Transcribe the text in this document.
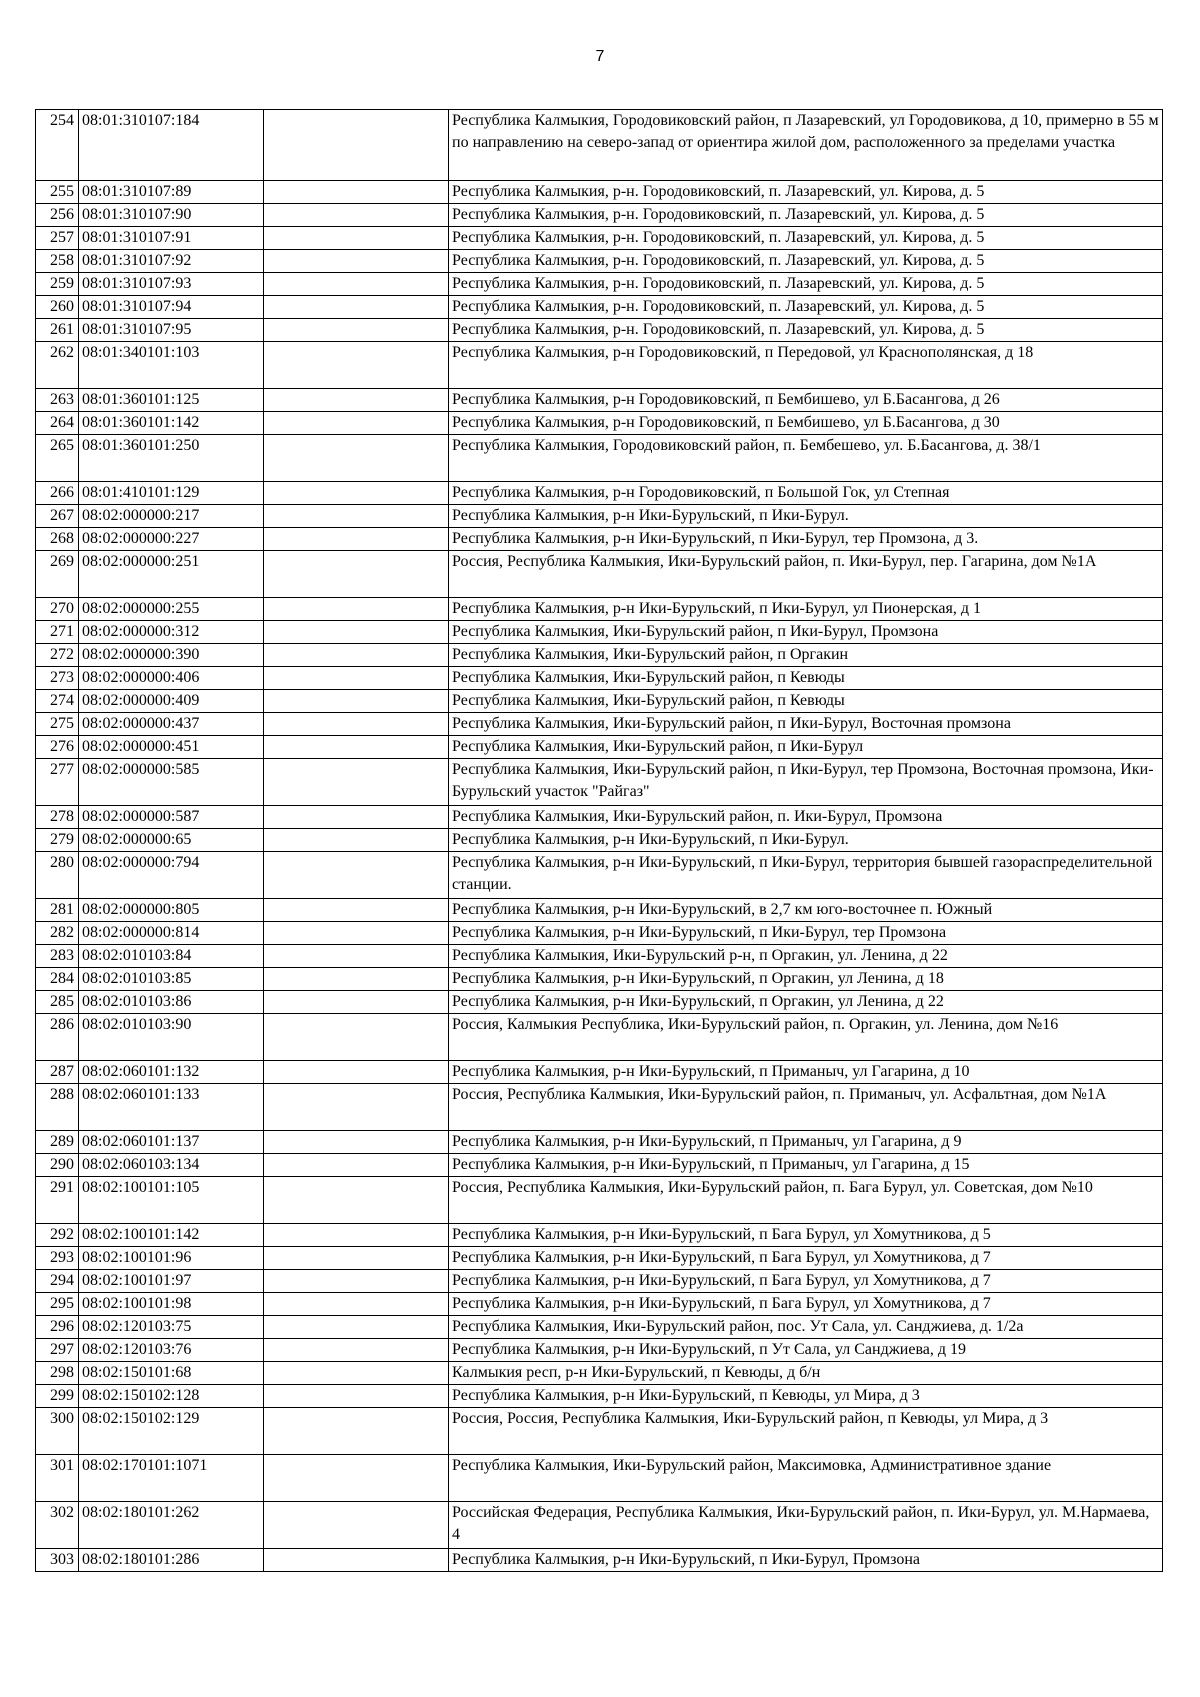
7
254	08:01:310107:184		Республика Калмыкия, Городовиковский район, п Лазаревский, ул Городовикова, д 10, примерно в 55 м по направлению на северо-запад от ориентира жилой дом, расположенного за пределами участка
255	08:01:310107:89		Республика Калмыкия, р-н. Городовиковский, п. Лазаревский, ул. Кирова, д. 5
256	08:01:310107:90		Республика Калмыкия, р-н. Городовиковский, п. Лазаревский, ул. Кирова, д. 5
257	08:01:310107:91		Республика Калмыкия, р-н. Городовиковский, п. Лазаревский, ул. Кирова, д. 5
258	08:01:310107:92		Республика Калмыкия, р-н. Городовиковский, п. Лазаревский, ул. Кирова, д. 5
259	08:01:310107:93		Республика Калмыкия, р-н. Городовиковский, п. Лазаревский, ул. Кирова, д. 5
260	08:01:310107:94		Республика Калмыкия, р-н. Городовиковский, п. Лазаревский, ул. Кирова, д. 5
261	08:01:310107:95		Республика Калмыкия, р-н. Городовиковский, п. Лазаревский, ул. Кирова, д. 5
262	08:01:340101:103		Республика Калмыкия, р-н Городовиковский, п Передовой, ул Краснополянская, д 18
263	08:01:360101:125		Республика Калмыкия, р-н Городовиковский, п Бембишево, ул Б.Басангова, д 26
264	08:01:360101:142		Республика Калмыкия, р-н Городовиковский, п Бембишево, ул Б.Басангова, д 30
265	08:01:360101:250		Республика Калмыкия, Городовиковский район, п. Бембешево, ул. Б.Басангова, д. 38/1
266	08:01:410101:129		Республика Калмыкия, р-н Городовиковский, п Большой Гок, ул Степная
267	08:02:000000:217		Республика Калмыкия, р-н Ики-Бурульский, п Ики-Бурул.
268	08:02:000000:227		Республика Калмыкия, р-н Ики-Бурульский, п Ики-Бурул, тер Промзона, д 3.
269	08:02:000000:251		Россия, Республика Калмыкия, Ики-Бурульский район, п. Ики-Бурул, пер. Гагарина, дом №1А
270	08:02:000000:255		Республика Калмыкия, р-н Ики-Бурульский, п Ики-Бурул, ул Пионерская, д 1
271	08:02:000000:312		Республика Калмыкия, Ики-Бурульский район, п Ики-Бурул, Промзона
272	08:02:000000:390		Республика Калмыкия, Ики-Бурульский район, п Оргакин
273	08:02:000000:406		Республика Калмыкия, Ики-Бурульский район, п Кевюды
274	08:02:000000:409		Республика Калмыкия, Ики-Бурульский район, п Кевюды
275	08:02:000000:437		Республика Калмыкия, Ики-Бурульский район, п Ики-Бурул, Восточная промзона
276	08:02:000000:451		Республика Калмыкия, Ики-Бурульский район, п Ики-Бурул
277	08:02:000000:585		Республика Калмыкия, Ики-Бурульский район, п Ики-Бурул, тер Промзона, Восточная промзона, Ики-Бурульский участок "Райгаз"
278	08:02:000000:587		Республика Калмыкия, Ики-Бурульский район, п. Ики-Бурул, Промзона
279	08:02:000000:65		Республика Калмыкия, р-н Ики-Бурульский, п Ики-Бурул.
280	08:02:000000:794		Республика Калмыкия, р-н Ики-Бурульский, п Ики-Бурул, территория бывшей газораспределительной станции.
281	08:02:000000:805		Республика Калмыкия, р-н Ики-Бурульский, в 2,7 км юго-восточнее п. Южный
282	08:02:000000:814		Республика Калмыкия, р-н Ики-Бурульский, п Ики-Бурул, тер Промзона
283	08:02:010103:84		Республика Калмыкия, Ики-Бурульский р-н, п Оргакин, ул. Ленина, д 22
284	08:02:010103:85		Республика Калмыкия, р-н Ики-Бурульский, п Оргакин, ул Ленина, д 18
285	08:02:010103:86		Республика Калмыкия, р-н Ики-Бурульский, п Оргакин, ул Ленина, д 22
286	08:02:010103:90		Россия, Калмыкия Республика, Ики-Бурульский район, п. Оргакин, ул. Ленина, дом №16
287	08:02:060101:132		Республика Калмыкия, р-н Ики-Бурульский, п Приманыч, ул Гагарина, д 10
288	08:02:060101:133		Россия, Республика Калмыкия, Ики-Бурульский район, п. Приманыч, ул. Асфальтная, дом №1А
289	08:02:060101:137		Республика Калмыкия, р-н Ики-Бурульский, п Приманыч, ул Гагарина, д 9
290	08:02:060103:134		Республика Калмыкия, р-н Ики-Бурульский, п Приманыч, ул Гагарина, д 15
291	08:02:100101:105		Россия, Республика Калмыкия, Ики-Бурульский район, п. Бага Бурул, ул. Советская, дом №10
292	08:02:100101:142		Республика Калмыкия, р-н Ики-Бурульский, п Бага Бурул, ул Хомутникова, д 5
293	08:02:100101:96		Республика Калмыкия, р-н Ики-Бурульский, п Бага Бурул, ул Хомутникова, д 7
294	08:02:100101:97		Республика Калмыкия, р-н Ики-Бурульский, п Бага Бурул, ул Хомутникова, д 7
295	08:02:100101:98		Республика Калмыкия, р-н Ики-Бурульский, п Бага Бурул, ул Хомутникова, д 7
296	08:02:120103:75		Республика Калмыкия, Ики-Бурульский район, пос. Ут Сала, ул. Санджиева, д. 1/2а
297	08:02:120103:76		Республика Калмыкия, р-н Ики-Бурульский, п Ут Сала, ул Санджиева, д 19
298	08:02:150101:68		Калмыкия респ, р-н Ики-Бурульский, п Кевюды, д б/н
299	08:02:150102:128		Республика Калмыкия, р-н Ики-Бурульский, п Кевюды, ул Мира, д 3
300	08:02:150102:129		Россия, Россия, Республика Калмыкия, Ики-Бурульский район, п Кевюды, ул Мира, д 3
301	08:02:170101:1071		Республика Калмыкия, Ики-Бурульский район, Максимовка, Административное здание
302	08:02:180101:262		Российская Федерация, Республика Калмыкия, Ики-Бурульский район, п. Ики-Бурул, ул. М.Нармаева, 4
303	08:02:180101:286		Республика Калмыкия, р-н Ики-Бурульский, п Ики-Бурул, Промзона
